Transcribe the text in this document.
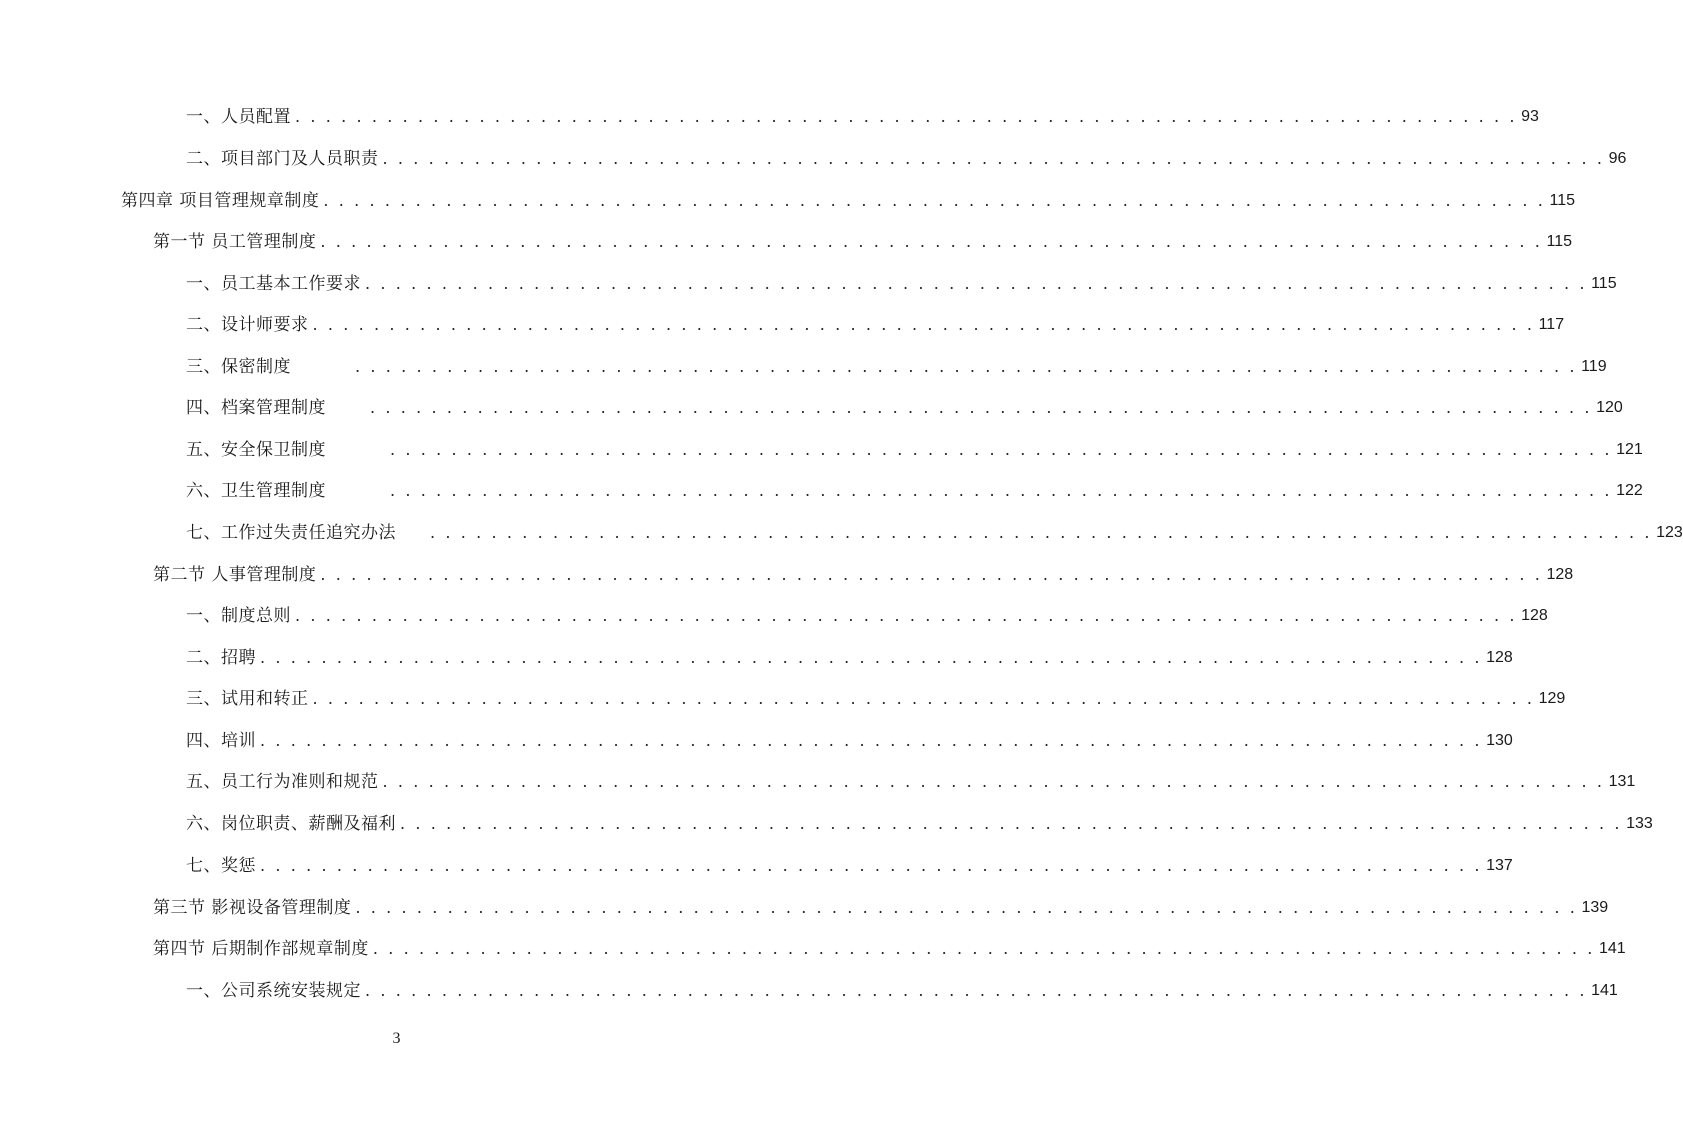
一、人员配置 . . . . . . . . . . . . . . . . . . . . . . . . . . . . . . . . . . . . . . . . . . . . . . . . . . . . . . . . . . . . . . . . . . . . . . . . . . . . . . . . 93
二、项目部门及人员职责 . . . . . . . . . . . . . . . . . . . . . . . . . . . . . . . . . . . . . . . . . . . . . . . . . . . . . . . . . . . . . . . . . . . . . . . . . . . . . . . . 96
第四章 项目管理规章制度 . . . . . . . . . . . . . . . . . . . . . . . . . . . . . . . . . . . . . . . . . . . . . . . . . . . . . . . . . . . . . . . . . . . . . . . . . . . . . . . . 115
第一节 员工管理制度 . . . . . . . . . . . . . . . . . . . . . . . . . . . . . . . . . . . . . . . . . . . . . . . . . . . . . . . . . . . . . . . . . . . . . . . . . . . . . . . . 115
一、员工基本工作要求 . . . . . . . . . . . . . . . . . . . . . . . . . . . . . . . . . . . . . . . . . . . . . . . . . . . . . . . . . . . . . . . . . . . . . . . . . . . . . . . . 115
二、设计师要求 . . . . . . . . . . . . . . . . . . . . . . . . . . . . . . . . . . . . . . . . . . . . . . . . . . . . . . . . . . . . . . . . . . . . . . . . . . . . . . . . 117
三、保密制度	. . . . . . . . . . . . . . . . . . . . . . . . . . . . . . . . . . . . . . . . . . . . . . . . . . . . . . . . . . . . . . . . . . . . . . . . . . . . . . . . 119
四、档案管理制度	. . . . . . . . . . . . . . . . . . . . . . . . . . . . . . . . . . . . . . . . . . . . . . . . . . . . . . . . . . . . . . . . . . . . . . . . . . . . . . . . 120
五、安全保卫制度	. . . . . . . . . . . . . . . . . . . . . . . . . . . . . . . . . . . . . . . . . . . . . . . . . . . . . . . . . . . . . . . . . . . . . . . . . . . . . . . . 121
六、卫生管理制度	. . . . . . . . . . . . . . . . . . . . . . . . . . . . . . . . . . . . . . . . . . . . . . . . . . . . . . . . . . . . . . . . . . . . . . . . . . . . . . . . 122
七、工作过失责任追究办法 . . . . . . . . . . . . . . . . . . . . . . . . . . . . . . . . . . . . . . . . . . . . . . . . . . . . . . . . . . . . . . . . . . . . . . . . . . . . . . . . 123
第二节 人事管理制度 . . . . . . . . . . . . . . . . . . . . . . . . . . . . . . . . . . . . . . . . . . . . . . . . . . . . . . . . . . . . . . . . . . . . . . . . . . . . . . . . 128
一、制度总则 . . . . . . . . . . . . . . . . . . . . . . . . . . . . . . . . . . . . . . . . . . . . . . . . . . . . . . . . . . . . . . . . . . . . . . . . . . . . . . . . 128
二、招聘 . . . . . . . . . . . . . . . . . . . . . . . . . . . . . . . . . . . . . . . . . . . . . . . . . . . . . . . . . . . . . . . . . . . . . . . . . . . . . . . . 128
三、试用和转正 . . . . . . . . . . . . . . . . . . . . . . . . . . . . . . . . . . . . . . . . . . . . . . . . . . . . . . . . . . . . . . . . . . . . . . . . . . . . . . . . 129
四、培训 . . . . . . . . . . . . . . . . . . . . . . . . . . . . . . . . . . . . . . . . . . . . . . . . . . . . . . . . . . . . . . . . . . . . . . . . . . . . . . . . 130
五、员工行为准则和规范 . . . . . . . . . . . . . . . . . . . . . . . . . . . . . . . . . . . . . . . . . . . . . . . . . . . . . . . . . . . . . . . . . . . . . . . . . . . . . . . . 131
六、岗位职责、薪酬及福利 . . . . . . . . . . . . . . . . . . . . . . . . . . . . . . . . . . . . . . . . . . . . . . . . . . . . . . . . . . . . . . . . . . . . . . . . . . . . . . . . 133
七、奖惩 . . . . . . . . . . . . . . . . . . . . . . . . . . . . . . . . . . . . . . . . . . . . . . . . . . . . . . . . . . . . . . . . . . . . . . . . . . . . . . . . 137
第三节 影视设备管理制度 . . . . . . . . . . . . . . . . . . . . . . . . . . . . . . . . . . . . . . . . . . . . . . . . . . . . . . . . . . . . . . . . . . . . . . . . . . . . . . . . 139
第四节 后期制作部规章制度 . . . . . . . . . . . . . . . . . . . . . . . . . . . . . . . . . . . . . . . . . . . . . . . . . . . . . . . . . . . . . . . . . . . . . . . . . . . . . . . . 141
一、公司系统安装规定 . . . . . . . . . . . . . . . . . . . . . . . . . . . . . . . . . . . . . . . . . . . . . . . . . . . . . . . . . . . . . . . . . . . . . . . . . . . . . . . . 141
3
